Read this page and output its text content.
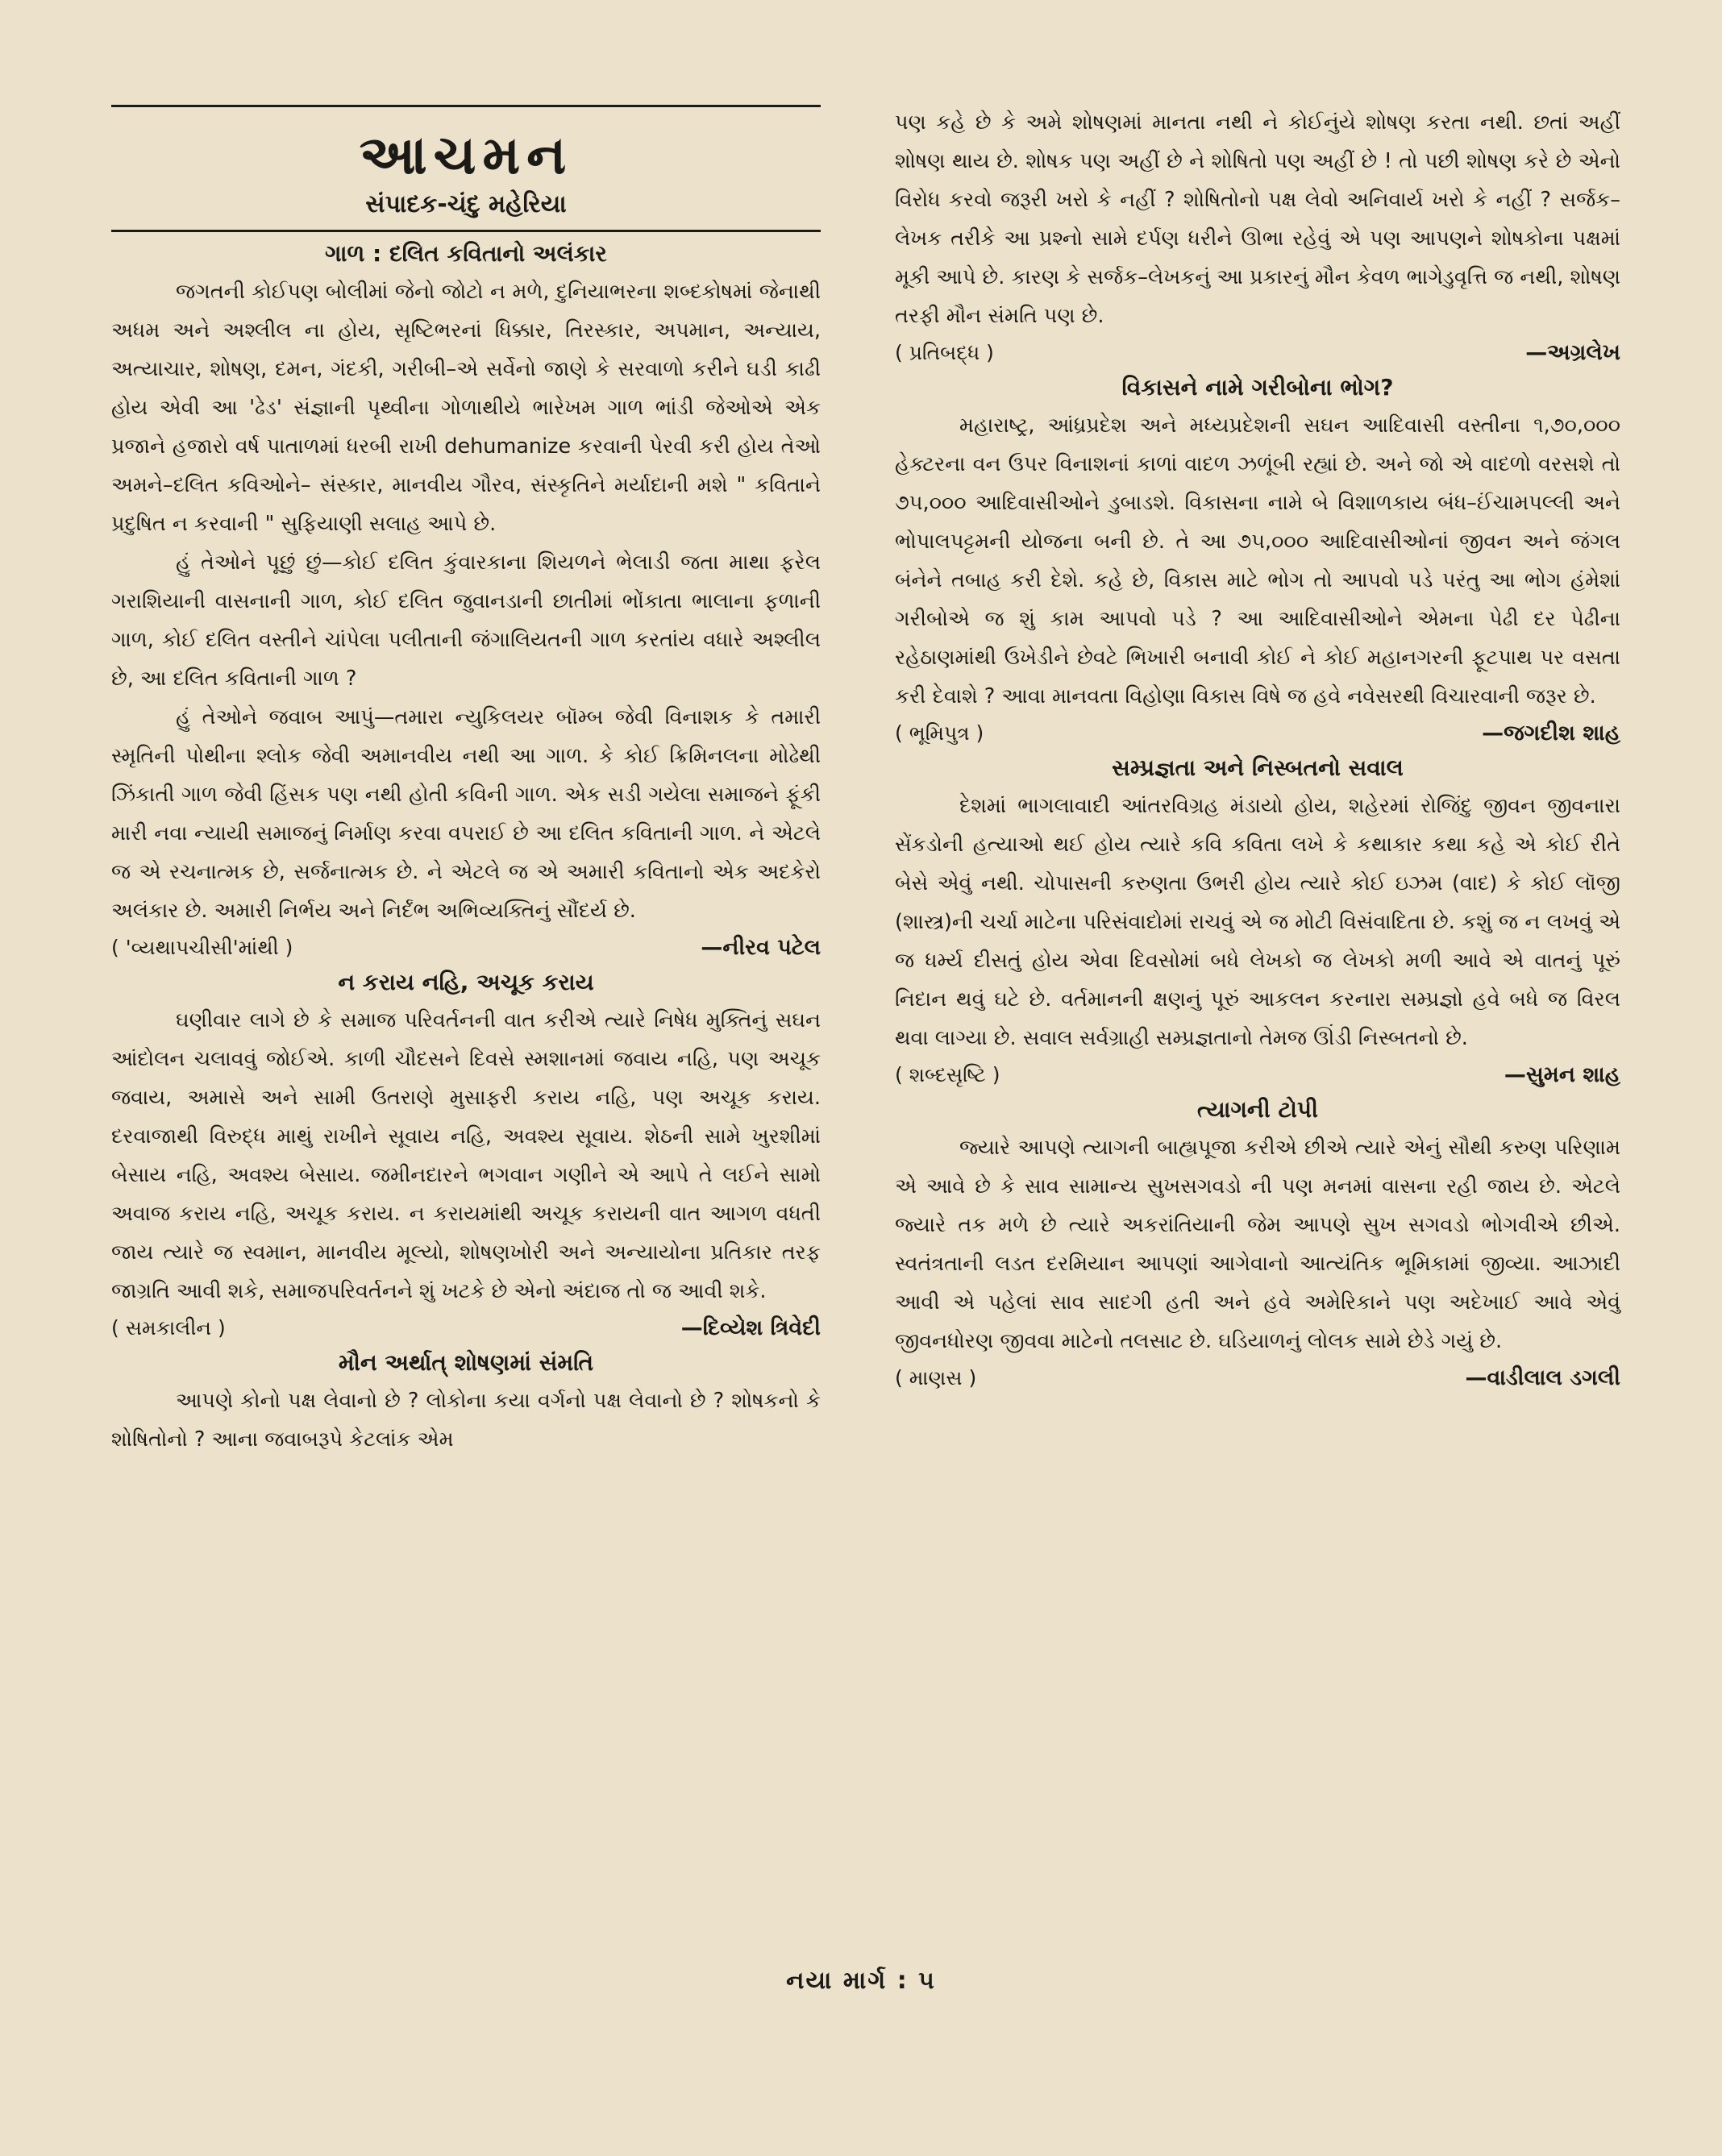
આચમન
સંપાદક-ચંદુ મહેરિયા
ગાળ : દલિત કવિતાનો અલંકાર

જગતની કોઈપણ બોલીમાં જેનો જોટો ન મળે, દુનિયાભરના શબ્દકોષમાં જેનાથી અધમ અને અશ્લીલ ના હોય, સૃષ્ટિભરનાં ધિક્કાર, તિરસ્કાર, અપમાન, અન્યાય, અત્યાચાર, શોષણ, દમન, ગંદકી, ગરીબી–એ સર્વેનો જાણે કે સરવાળો કરીને ઘડી કાઢી હોય એવી આ 'ઢેડ' સંજ્ઞાની પૃથ્વીના ગોળાથીયે ભારેખમ ગાળ ભાંડી જેઓએ એક પ્રજાને હજારો વર્ષ પાતાળમાં ધરબી રાખી dehumanize કરવાની પેરવી કરી હોય તેઓ અમને–દલિત કવિઓને– સંસ્કાર, માનવીય ગૌરવ, સંસ્કૃતિને મર્યાદાની મશે " કવિતાને પ્રદુષિત ન કરવાની " સુફિયાણી સલાહ આપે છે.

હું તેઓને પૂછું છું—કોઈ દલિત કુંવારકાના શિયળને ભેલાડી જતા માથા ફરેલ ગરાશિયાની વાસનાની ગાળ, કોઈ દલિત જુવાનડાની છાતીમાં ભોંકાતા ભાલાના ફળાની ગાળ, કોઈ દલિત વસ્તીને ચાંપેલા પલીતાની જંગાલિયતની ગાળ કરતાંય વધારે અશ્લીલ છે, આ દલિત કવિતાની ગાળ ?

હું તેઓને જવાબ આપું—તમારા ન્યુકિલયર બૉમ્બ જેવી વિનાશક કે તમારી સ્મૃતિની પોથીના શ્લોક જેવી અમાનવીય નથી આ ગાળ. કે કોઈ ક્રિમિનલના મોઢેથી ઝિંકાતી ગાળ જેવી હિંસક પણ નથી હોતી કવિની ગાળ. એક સડી ગયેલા સમાજને ફૂંકી મારી નવા ન્યાયી સમાજનું નિર્માણ કરવા વપરાઈ છે આ દલિત કવિતાની ગાળ. ને એટલે જ એ રચનાત્મક છે, સર્જનાત્મક છે. ને એટલે જ એ અમારી કવિતાનો એક અદકેરો અલંકાર છે. અમારી નિર્ભય અને નિર્દંભ અભિવ્યક્તિનું સૌંદર્ય છે.

( 'વ્યથાપચીસી'માંથી )	—નીરવ પટેલ
ન કરાય નહિ, અચૂક કરાય

ઘણીવાર લાગે છે કે સમાજ પરિવર્તનની વાત કરીએ ત્યારે નિષેધ મુક્તિનું સઘન આંદોલન ચલાવવું જોઈએ. કાળી ચૌદસને દિવસે સ્મશાનમાં જવાય નહિ, પણ અચૂક જવાય, અમાસે અને સામી ઉતરાણે મુસાફરી કરાય નહિ, પણ અચૂક કરાય. દરવાજાથી વિરુદ્ધ માથું રાખીને સૂવાય નહિ, અવશ્ય સૂવાય. શેઠની સામે ખુરશીમાં બેસાય નહિ, અવશ્ય બેસાય. જમીનદારને ભગવાન ગણીને એ આપે તે લઈને સામો અવાજ કરાય નહિ, અચૂક કરાય. ન કરાયમાંથી અચૂક કરાયની વાત આગળ વધતી જાય ત્યારે જ સ્વમાન, માનવીય મૂલ્યો, શોષણખોરી અને અન્યાયોના પ્રતિકાર તરફ જાગ્રતિ આવી શકે, સમાજપરિવર્તનને શું ખટકે છે એનો અંદાજ તો જ આવી શકે.

( સમકાલીન )	—દિવ્યેશ ત્રિવેદી
મૌન અર્થાત્ શોષણમાં સંમતિ

આપણે કોનો પક્ષ લેવાનો છે ? લોકોના કયા વર્ગનો પક્ષ લેવાનો છે ? શોષકનો કે શોષિતોનો ? આના જવાબરૂપે કેટલાંક એમ

પણ કહે છે કે અમે શોષણમાં માનતા નથી ને કોઈનુંયે શોષણ કરતા નથી. છતાં અહીં શોષણ થાય છે. શોષક પણ અહીં છે ને શોષિતો પણ અહીં છે ! તો પછી શોષણ કરે છે એનો વિરોધ કરવો જરૂરી ખરો કે નહીં ? શોષિતોનો પક્ષ લેવો અનિવાર્ય ખરો કે નહીં ? સર્જક–લેખક તરીકે આ પ્રશ્નો સામે દર્પણ ધરીને ઊભા રહેવું એ પણ આપણને શોષકોના પક્ષમાં મૂકી આપે છે. કારણ કે સર્જક–લેખકનું આ પ્રકારનું મૌન કેવળ ભાગેડુવૃત્તિ જ નથી, શોષણ તરફી મૌન સંમતિ પણ છે.

( પ્રતિબદ્ધ )	—અગ્રલેખ
વિકાસને નામે ગરીબોના ભોગ?

મહારાષ્ટ્ર, આંધ્રપ્રદેશ અને મધ્યપ્રદેશની સઘન આદિવાસી વસ્તીના ૧,૭૦,૦૦૦ હેક્ટરના વન ઉપર વિનાશનાં કાળાં વાદળ ઝળૂંબી રહ્યાં છે. અને જો એ વાદળો વરસશે તો ૭૫,૦૦૦ આદિવાસીઓને ડુબાડશે. વિકાસના નામે બે વિશાળકાય બંધ–ઈંચામપલ્લી અને ભોપાલપટ્ટમની યોજના બની છે. તે આ ૭૫,૦૦૦ આદિવાસીઓનાં જીવન અને જંગલ બંનેને તબાહ કરી દેશે. કહે છે, વિકાસ માટે ભોગ તો આપવો પડે પરંતુ આ ભોગ હંમેશાં ગરીબોએ જ શું કામ આપવો પડે ? આ આદિવાસીઓને એમના પેઢી દર પેઢીના રહેઠાણમાંથી ઉખેડીને છેવટે ભિખારી બનાવી કોઈ ને કોઈ મહાનગરની ફૂટપાથ પર વસતા કરી દેવાશે ? આવા માનવતા વિહોણા વિકાસ વિષે જ હવે નવેસરથી વિચારવાની જરૂર છે.

( ભૂમિપુત્ર )	—જગદીશ શાહ
સમ્પ્રજ્ઞતા અને નિસ્બતનો સવાલ

દેશમાં ભાગલાવાદી આંતરવિગ્રહ મંડાયો હોય, શહેરમાં રોજિંદુ જીવન જીવનારા સેંકડોની હત્યાઓ થઈ હોય ત્યારે કવિ કવિતા લખે કે કથાકાર કથા કહે એ કોઈ રીતે બેસે એવું નથી. ચોપાસની કરુણતા ઉભરી હોય ત્યારે કોઈ ઇઝમ (વાદ) કે કોઈ લૉજી (શાસ્ત્ર)ની ચર્ચા માટેના પરિસંવાદોમાં રાચવું એ જ મોટી વિસંવાદિતા છે. કશું જ ન લખવું એ જ ધર્મ્ય દીસતું હોય એવા દિવસોમાં બધે લેખકો જ લેખકો મળી આવે એ વાતનું પૂરું નિદાન થવું ઘટે છે. વર્તમાનની ક્ષણનું પૂરું આકલન કરનારા સમ્પ્રજ્ઞો હવે બધે જ વિરલ થવા લાગ્યા છે. સવાલ સર્વગ્રાહી સમ્પ્રજ્ઞતાનો તેમજ ઊંડી નિસ્બતનો છે.

( શબ્દસૃષ્ટિ )	—સુમન શાહ
ત્યાગની ટોપી

જ્યારે આપણે ત્યાગની બાહ્યપૂજા કરીએ છીએ ત્યારે એનું સૌથી કરુણ પરિણામ એ આવે છે કે સાવ સામાન્ય સુખસગવડો ની પણ મનમાં વાસના રહી જાય છે. એટલે જ્યારે તક મળે છે ત્યારે અકરાંતિયાની જેમ આપણે સુખ સગવડો ભોગવીએ છીએ. સ્વતંત્રતાની લડત દરમિયાન આપણાં આગેવાનો આત્યંતિક ભૂમિકામાં જીવ્યા. આઝાદી આવી એ પહેલાં સાવ સાદગી હતી અને હવે અમેરિકાને પણ અદેખાઈ આવે એવું જીવનધોરણ જીવવા માટેનો તલસાટ છે. ઘડિયાળનું લોલક સામે છેડે ગયું છે.

( માણસ )	—વાડીલાલ ડગલી
નયા માર્ગ : ૫
